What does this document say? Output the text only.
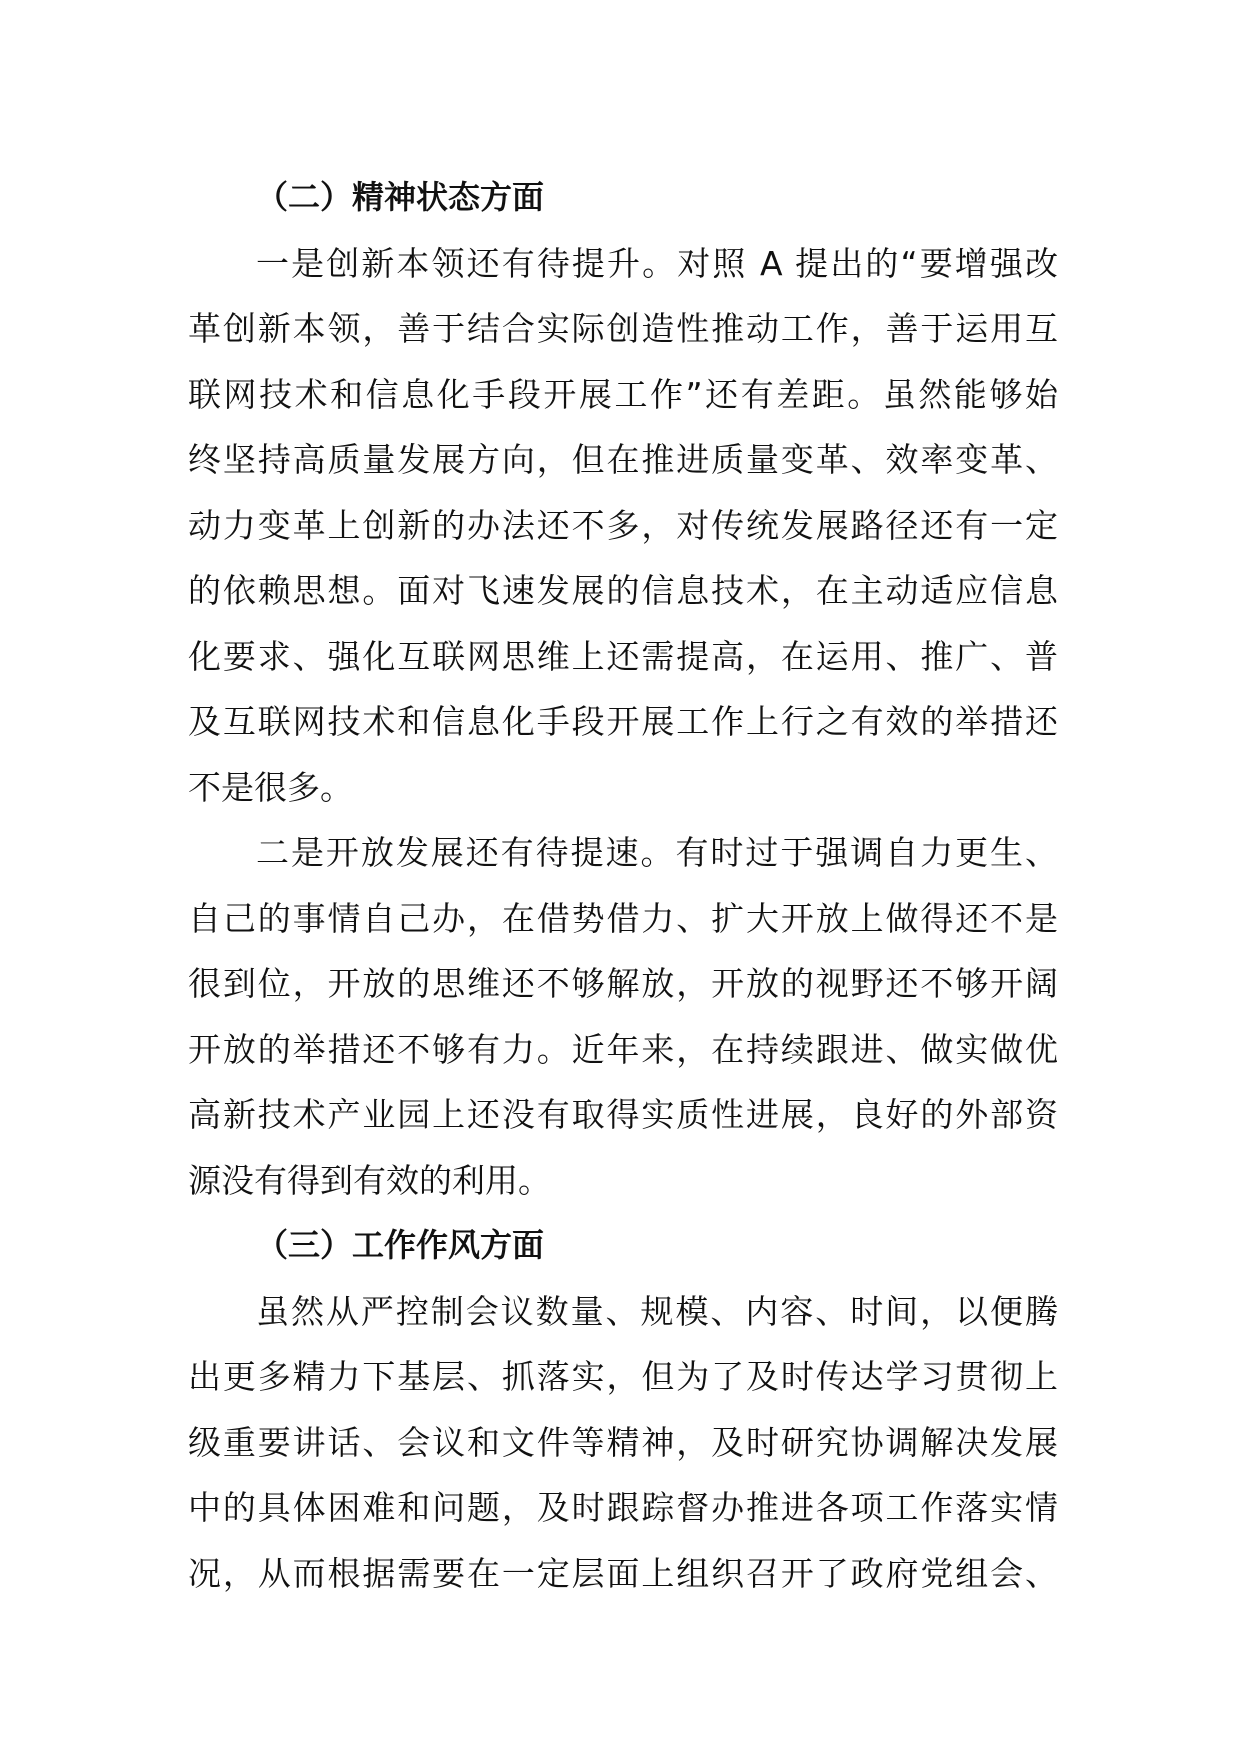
（二）精神状态方面
一是创新本领还有待提升。对照 A 提出的“要增强改
革创新本领，善于结合实际创造性推动工作，善于运用互
联网技术和信息化手段开展工作”还有差距。虽然能够始
终坚持高质量发展方向，但在推进质量变革、效率变革、
动力变革上创新的办法还不多，对传统发展路径还有一定
的依赖思想。面对飞速发展的信息技术，在主动适应信息
化要求、强化互联网思维上还需提高，在运用、推广、普
及互联网技术和信息化手段开展工作上行之有效的举措还
不是很多。
二是开放发展还有待提速。有时过于强调自力更生、
自己的事情自己办，在借势借力、扩大开放上做得还不是
很到位，开放的思维还不够解放，开放的视野还不够开阔
开放的举措还不够有力。近年来，在持续跟进、做实做优
高新技术产业园上还没有取得实质性进展，良好的外部资
源没有得到有效的利用。
（三）工作作风方面
虽然从严控制会议数量、规模、内容、时间，以便腾
出更多精力下基层、抓落实，但为了及时传达学习贯彻上
级重要讲话、会议和文件等精神，及时研究协调解决发展
中的具体困难和问题，及时跟踪督办推进各项工作落实情
况，从而根据需要在一定层面上组织召开了政府党组会、
